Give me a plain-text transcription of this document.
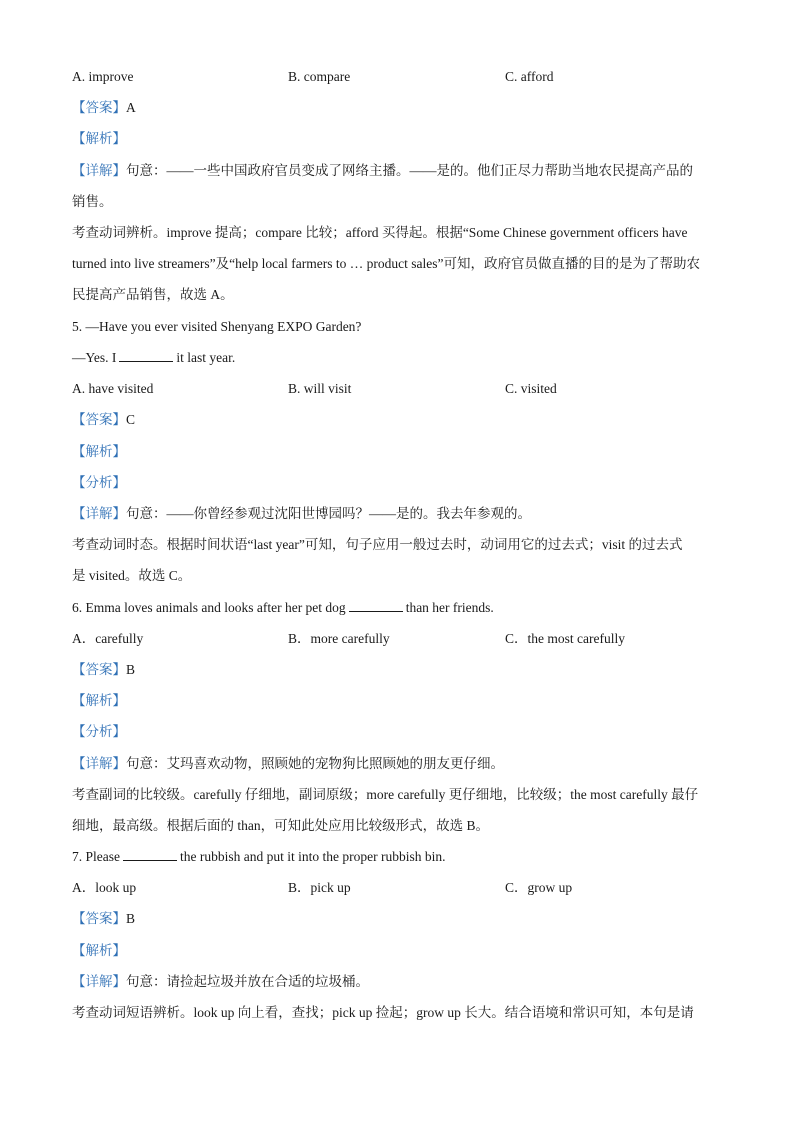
A. improve	B. compare	C. afford
【答案】A
【解析】
【详解】句意：——一些中国政府官员变成了网络主播。——是的。他们正尽力帮助当地农民提高产品的
销售。
考查动词辨析。improve 提高；compare 比较；afford 买得起。根据“Some Chinese government officers have
turned into live streamers”及“help local farmers to … product sales”可知，政府官员做直播的目的是为了帮助农
民提高产品销售，故选 A。
5. —Have you ever visited Shenyang EXPO Garden?
—Yes. I	it last year.
A. have visited	B. will visit	C. visited
【答案】C
【解析】
【分析】
【详解】句意：——你曾经参观过沈阳世博园吗？——是的。我去年参观的。
考查动词时态。根据时间状语“last year”可知，句子应用一般过去时，动词用它的过去式；visit 的过去式
是 visited。故选 C。
6. Emma loves animals and looks after her pet dog	than her friends.
A．carefully	B．more carefully	C．the most carefully
【答案】B
【解析】
【分析】
【详解】句意：艾玛喜欢动物，照顾她的宠物狗比照顾她的朋友更仔细。
考查副词的比较级。carefully 仔细地，副词原级；more carefully 更仔细地，比较级；the most carefully 最仔
细地，最高级。根据后面的 than，可知此处应用比较级形式，故选 B。
7. Please	the rubbish and put it into the proper rubbish bin.
A．look up	B．pick up	C．grow up
【答案】B
【解析】
【详解】句意：请捡起垃圾并放在合适的垃圾桶。
考查动词短语辨析。look up 向上看，查找；pick up 捡起；grow up 长大。结合语境和常识可知，本句是请
